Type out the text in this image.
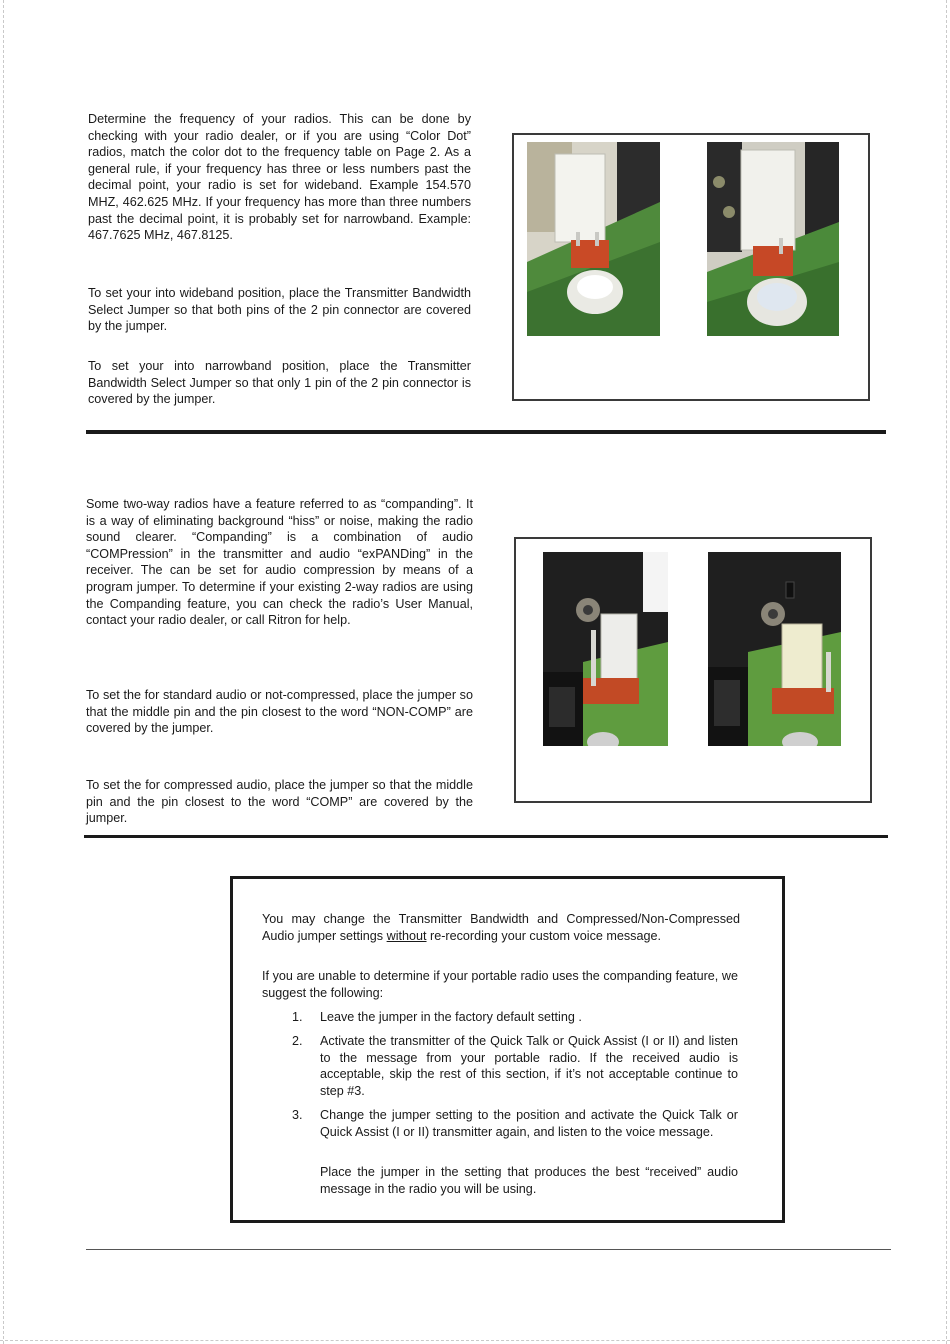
Determine the frequency of your radios. This can be done by checking with your radio dealer, or if you are using “Color Dot” radios, match the color dot to the frequency table on Page 2. As a general rule, if your frequency has three or less numbers past the decimal point, your radio is set for wideband. Example 154.570 MHZ, 462.625 MHz. If your frequency has more than three numbers past the decimal point, it is probably set for narrowband. Example: 467.7625 MHz, 467.8125.

To set your into wideband position, place the Transmitter Bandwidth Select Jumper so that both pins of the 2 pin connector are covered by the jumper.

To set your into narrowband position, place the Transmitter Bandwidth Select Jumper so that only 1 pin of the 2 pin connector is covered by the jumper.

Some two-way radios have a feature referred to as “companding”. It is a way of eliminating background “hiss” or noise, making the radio sound clearer. “Companding” is a combination of audio “COMPression” in the transmitter and audio “exPANDing” in the receiver. The can be set for audio compression by means of a program jumper. To determine if your existing 2-way radios are using the Companding feature, you can check the radio’s User Manual, contact your radio dealer, or call Ritron for help.

To set the for standard audio or not-compressed, place the jumper so that the middle pin and the pin closest to the word “NON-COMP” are covered by the jumper.

To set the for compressed audio, place the jumper so that the middle pin and the pin closest to the word “COMP” are covered by the jumper.

You may change the Transmitter Bandwidth and Compressed/Non-Compressed Audio jumper settings without re-recording your custom voice message.

If you are unable to determine if your portable radio uses the companding feature, we suggest the following:

1. Leave the jumper in the factory default setting .

2. Activate the transmitter of the Quick Talk or Quick Assist (I or II) and listen to the message from your portable radio. If the received audio is acceptable, skip the rest of this section, if it’s not acceptable continue to step #3.

3. Change the jumper setting to the position and activate the Quick Talk or Quick Assist (I or II) transmitter again, and listen to the voice message.

Place the jumper in the setting that produces the best “received” audio message in the radio you will be using.
